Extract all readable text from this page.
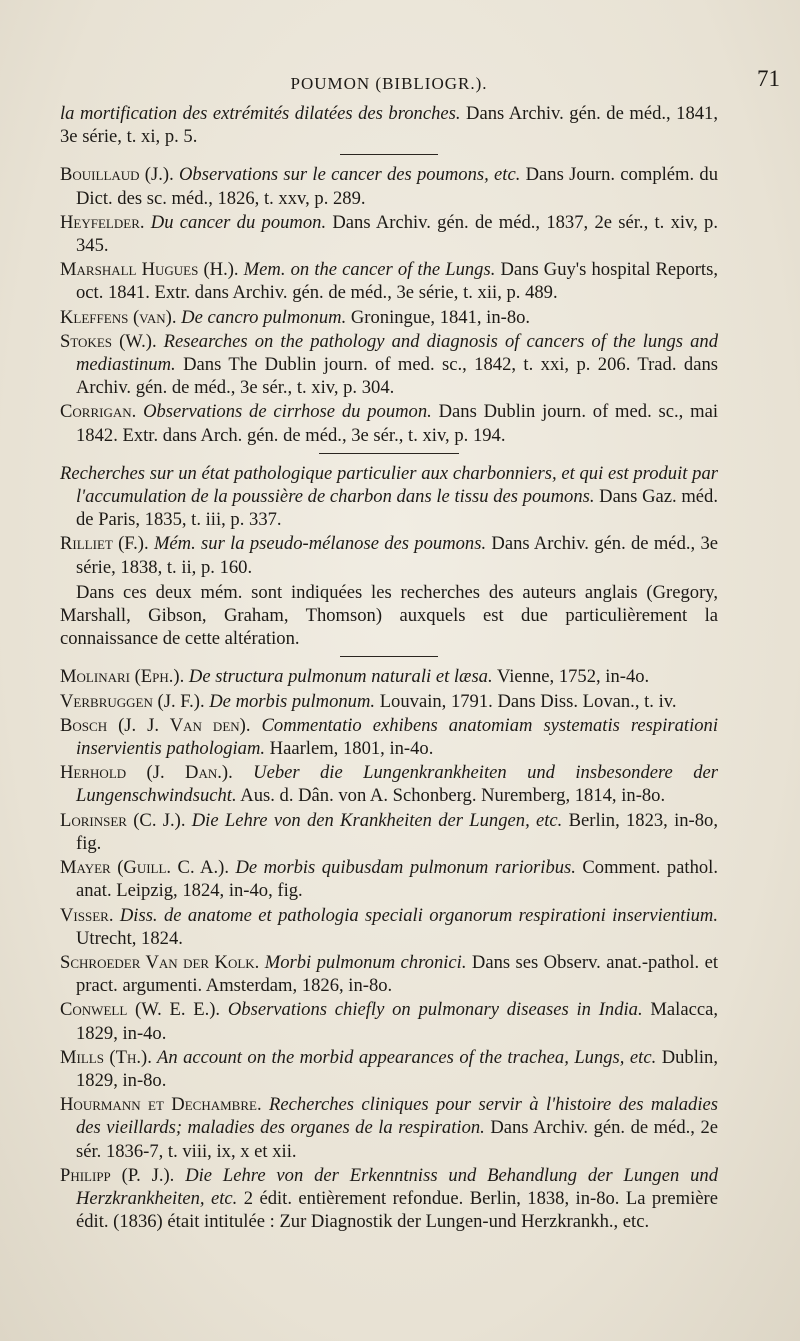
POUMON (BIBLIOGR.).	71

la mortification des extrémités dilatées des bronches. Dans Archiv. gén. de méd., 1841, 3e série, t. xi, p. 5.

Bouillaud (J.). Observations sur le cancer des poumons, etc. Dans Journ. complém. du Dict. des sc. méd., 1826, t. xxv, p. 289.

Heyfelder. Du cancer du poumon. Dans Archiv. gén. de méd., 1837, 2e sér., t. xiv, p. 345.

Marshall Hugues (H.). Mem. on the cancer of the Lungs. Dans Guy's hospital Reports, oct. 1841. Extr. dans Archiv. gén. de méd., 3e série, t. xii, p. 489.

Kleffens (van). De cancro pulmonum. Groningue, 1841, in-8o.

Stokes (W.). Researches on the pathology and diagnosis of cancers of the lungs and mediastinum. Dans The Dublin journ. of med. sc., 1842, t. xxi, p. 206. Trad. dans Archiv. gén. de méd., 3e sér., t. xiv, p. 304.

Corrigan. Observations de cirrhose du poumon. Dans Dublin journ. of med. sc., mai 1842. Extr. dans Arch. gén. de méd., 3e sér., t. xiv, p. 194.

Recherches sur un état pathologique particulier aux charbonniers, et qui est produit par l'accumulation de la poussière de charbon dans le tissu des poumons. Dans Gaz. méd. de Paris, 1835, t. iii, p. 337.

Rilliet (F.). Mém. sur la pseudo-mélanose des poumons. Dans Archiv. gén. de méd., 3e série, 1838, t. ii, p. 160.

Dans ces deux mém. sont indiquées les recherches des auteurs anglais (Gregory, Marshall, Gibson, Graham, Thomson) auxquels est due particulièrement la connaissance de cette altération.

Molinari (Eph.). De structura pulmonum naturali et læsa. Vienne, 1752, in-4o.

Verbruggen (J. F.). De morbis pulmonum. Louvain, 1791. Dans Diss. Lovan., t. iv.

Bosch (J. J. Van den). Commentatio exhibens anatomiam systematis respirationi inservientis pathologiam. Haarlem, 1801, in-4o.

Herhold (J. Dan.). Ueber die Lungenkrankheiten und insbesondere der Lungenschwindsucht. Aus. d. Dân. von A. Schonberg. Nuremberg, 1814, in-8o.

Lorinser (C. J.). Die Lehre von den Krankheiten der Lungen, etc. Berlin, 1823, in-8o, fig.

Mayer (Guill. C. A.). De morbis quibusdam pulmonum rarioribus. Comment. pathol. anat. Leipzig, 1824, in-4o, fig.

Visser. Diss. de anatome et pathologia speciali organorum respirationi inservientium. Utrecht, 1824.

Schroeder Van der Kolk. Morbi pulmonum chronici. Dans ses Observ. anat.-pathol. et pract. argumenti. Amsterdam, 1826, in-8o.

Conwell (W. E. E.). Observations chiefly on pulmonary diseases in India. Malacca, 1829, in-4o.

Mills (Th.). An account on the morbid appearances of the trachea, Lungs, etc. Dublin, 1829, in-8o.

Hourmann et Dechambre. Recherches cliniques pour servir à l'histoire des maladies des vieillards; maladies des organes de la respiration. Dans Archiv. gén. de méd., 2e sér. 1836-7, t. viii, ix, x et xii.

Philipp (P. J.). Die Lehre von der Erkenntniss und Behandlung der Lungen und Herzkrankheiten, etc. 2 édit. entièrement refondue. Berlin, 1838, in-8o. La première édit. (1836) était intitulée : Zur Diagnostik der Lungen-und Herzkrankh., etc.
